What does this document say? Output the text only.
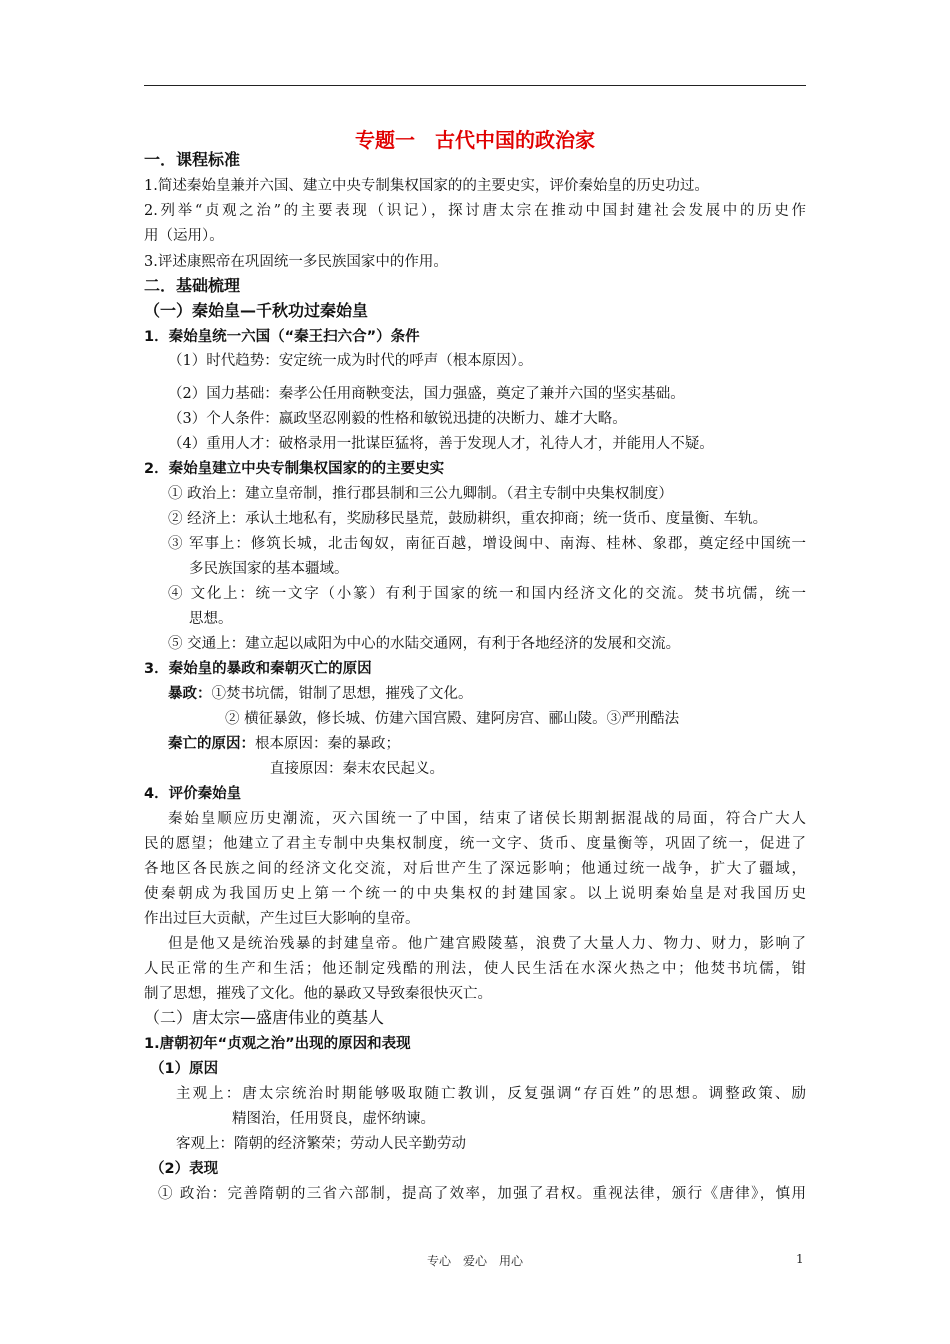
专题一　古代中国的政治家
一．课程标准
1.简述秦始皇兼并六国、建立中央专制集权国家的的主要史实，评价秦始皇的历史功过。
2.列举“贞观之治”的主要表现（识记），探讨唐太宗在推动中国封建社会发展中的历史作
用（运用）。
3.评述康熙帝在巩固统一多民族国家中的作用。
二．基础梳理
（一）秦始皇—千秋功过秦始皇
1．秦始皇统一六国（“秦王扫六合”）条件
（1）时代趋势：安定统一成为时代的呼声（根本原因）。
（2）国力基础：秦孝公任用商鞅变法，国力强盛，奠定了兼并六国的坚实基础。
（3）个人条件：嬴政坚忍刚毅的性格和敏锐迅捷的决断力、雄才大略。
（4）重用人才：破格录用一批谋臣猛将，善于发现人才，礼待人才，并能用人不疑。
2．秦始皇建立中央专制集权国家的的主要史实
① 政治上：建立皇帝制，推行郡县制和三公九卿制。（君主专制中央集权制度）
② 经济上：承认土地私有，奖励移民垦荒，鼓励耕织，重农抑商；统一货币、度量衡、车轨。
③ 军事上：修筑长城，北击匈奴，南征百越，增设闽中、南海、桂林、象郡，奠定经中国统一
多民族国家的基本疆域。
④ 文化上：统一文字（小篆）有利于国家的统一和国内经济文化的交流。焚书坑儒，统一
思想。
⑤ 交通上：建立起以咸阳为中心的水陆交通网，有利于各地经济的发展和交流。
3．秦始皇的暴政和秦朝灭亡的原因
暴政：①焚书坑儒，钳制了思想，摧残了文化。
② 横征暴敛，修长城、仿建六国宫殿、建阿房宫、郦山陵。③严刑酷法
秦亡的原因：根本原因：秦的暴政；
直接原因：秦末农民起义。
4．评价秦始皇
秦始皇顺应历史潮流，灭六国统一了中国，结束了诸侯长期割据混战的局面，符合广大人
民的愿望；他建立了君主专制中央集权制度，统一文字、货币、度量衡等，巩固了统一，促进了
各地区各民族之间的经济文化交流，对后世产生了深远影响；他通过统一战争，扩大了疆域，
使秦朝成为我国历史上第一个统一的中央集权的封建国家。以上说明秦始皇是对我国历史
作出过巨大贡献，产生过巨大影响的皇帝。
但是他又是统治残暴的封建皇帝。他广建宫殿陵墓，浪费了大量人力、物力、财力，影响了
人民正常的生产和生活；他还制定残酷的刑法，使人民生活在水深火热之中；他焚书坑儒，钳
制了思想，摧残了文化。他的暴政又导致秦很快灭亡。
（二）唐太宗—盛唐伟业的奠基人
1.唐朝初年“贞观之治”出现的原因和表现
（1）原因
主观上：唐太宗统治时期能够吸取随亡教训，反复强调“存百姓”的思想。调整政策、励
精图治，任用贤良，虚怀纳谏。
客观上：隋朝的经济繁荣；劳动人民辛勤劳动
（2）表现
① 政治：完善隋朝的三省六部制，提高了效率，加强了君权。重视法律，颁行《唐律》，慎用
专心　爱心　用心	1
